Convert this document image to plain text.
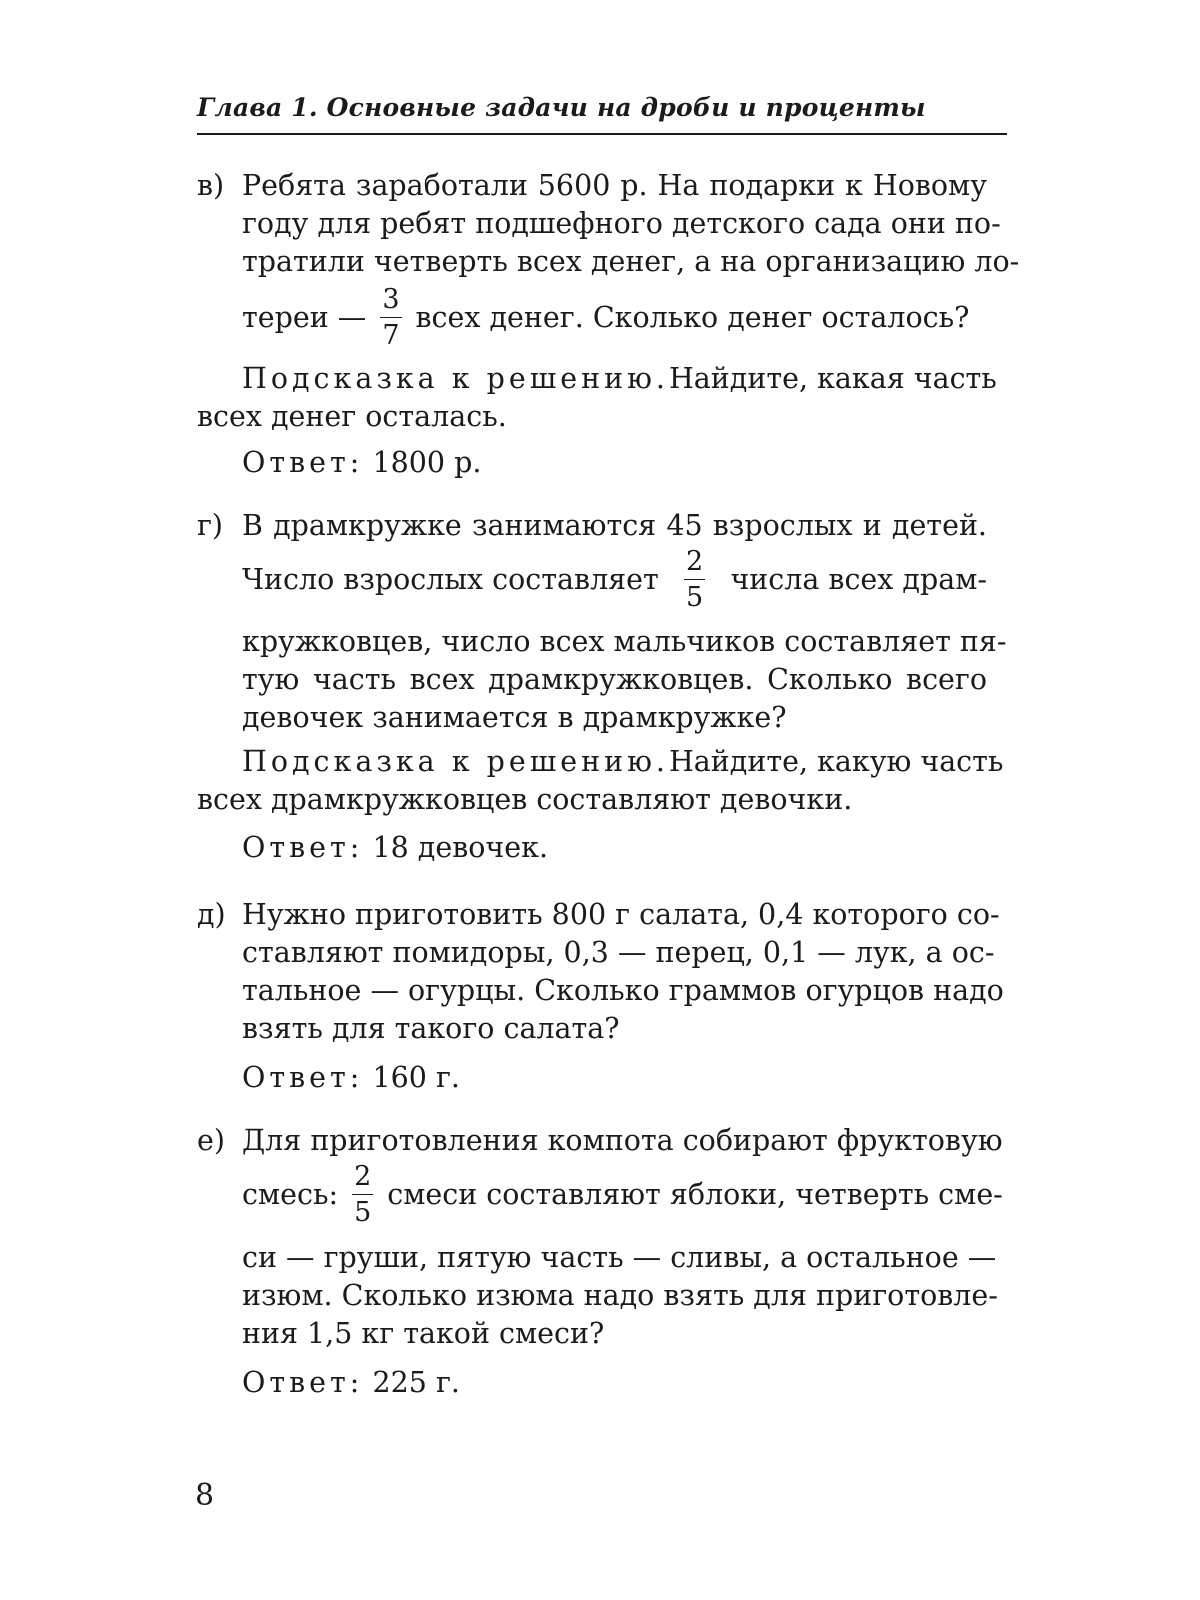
Глава 1. Основные задачи на дроби и проценты
в) Ребята заработали 5600 р. На подарки к Новому
году для ребят подшефного детского сада они по-
тратили четверть всех денег, а на организацию ло-
тереи — $\frac{3}{7}$ всех денег. Сколько денег осталось?
Подсказка к решению. Найдите, какая часть
всех денег осталась.
Ответ: 1800 р.
г) В драмкружке занимаются 45 взрослых и детей.
Число взрослых составляет $\frac{2}{5}$ числа всех драм-
кружковцев, число всех мальчиков составляет пя-
тую часть всех драмкружковцев. Сколько всего
девочек занимается в драмкружке?
Подсказка к решению. Найдите, какую часть
всех драмкружковцев составляют девочки.
Ответ: 18 девочек.
д) Нужно приготовить 800 г салата, 0,4 которого со-
ставляют помидоры, 0,3 — перец, 0,1 — лук, а ос-
тальное — огурцы. Сколько граммов огурцов надо
взять для такого салата?
Ответ: 160 г.
е) Для приготовления компота собирают фруктовую
смесь: $\frac{2}{5}$ смеси составляют яблоки, четверть сме-
си — груши, пятую часть — сливы, а остальное —
изюм. Сколько изюма надо взять для приготовле-
ния 1,5 кг такой смеси?
Ответ: 225 г.
8
